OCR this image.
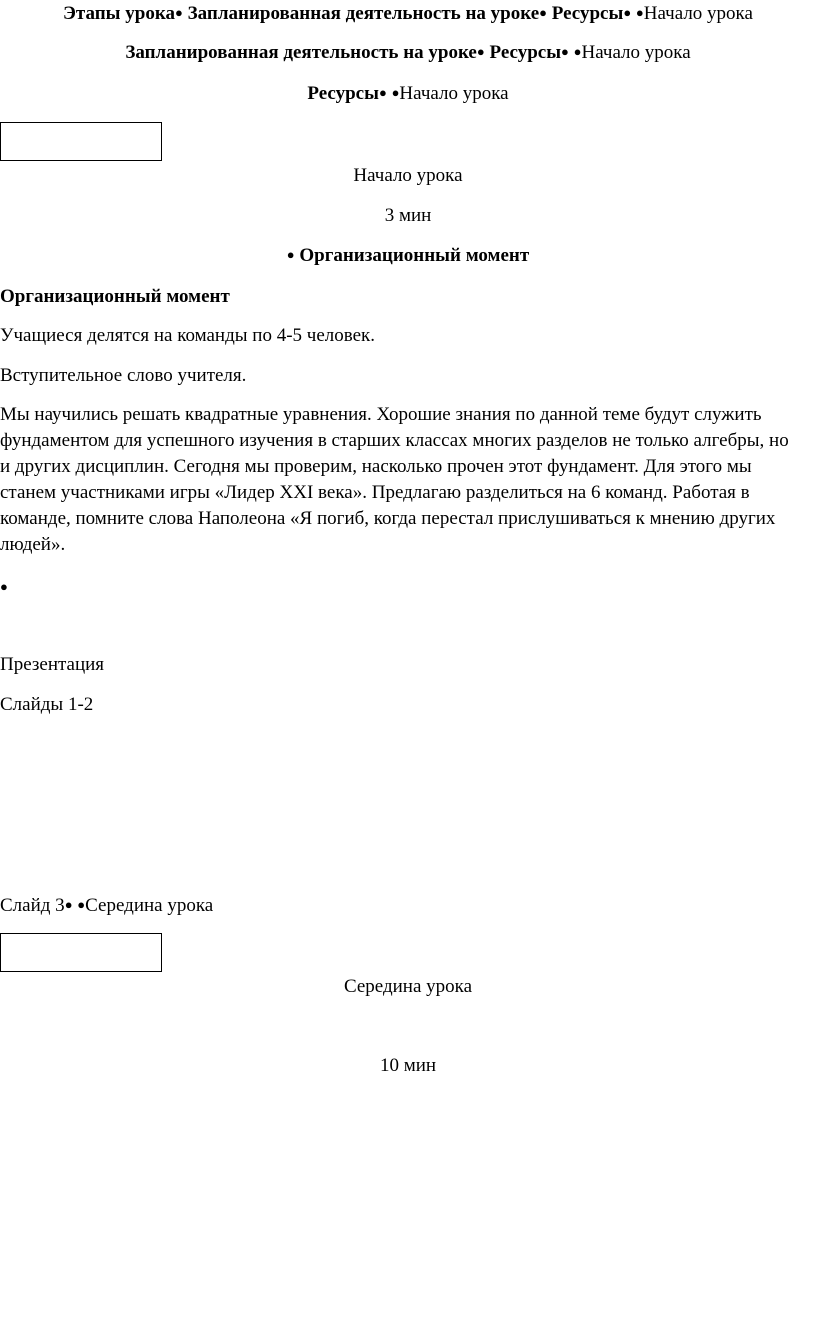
Этапы урока● Запланированная деятельность на уроке● Ресурсы● ●Начало урока
Запланированная деятельность на уроке● Ресурсы● ●Начало урока
Ресурсы● ●Начало урока
Начало урока
3 мин
● Организационный момент
Организационный момент
Учащиеся делятся на команды по 4-5 человек.
Вступительное слово учителя.
Мы научились решать квадратные уравнения. Хорошие знания по данной теме будут служить фундаментом для успешного изучения в старших классах многих разделов не только алгебры, но и других дисциплин. Сегодня мы проверим, насколько прочен этот фундамент. Для этого мы станем участниками игры «Лидер XXI века». Предлагаю разделиться на 6 команд. Работая в команде, помните слова Наполеона «Я погиб, когда перестал прислушиваться к мнению других людей».
●
Презентация
Слайды 1-2
Слайд 3● ●Середина урока
Середина урока
10 мин
